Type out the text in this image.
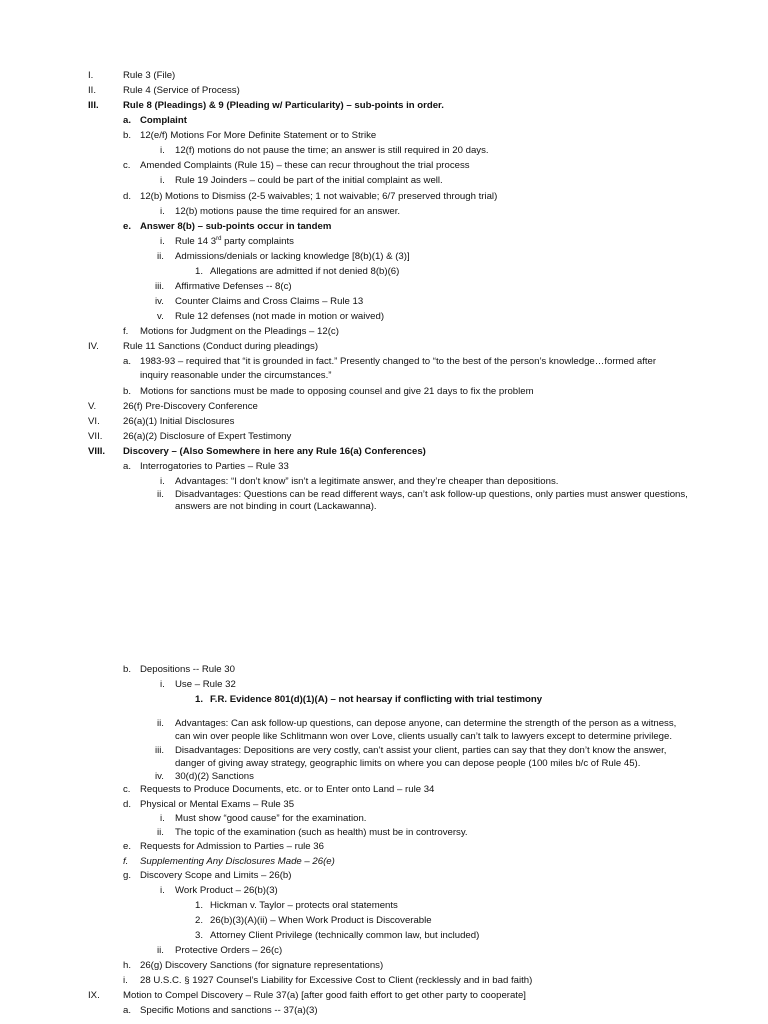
I.	Rule 3 (File)
II.	Rule 4 (Service of Process)
III.	Rule 8 (Pleadings) & 9 (Pleading w/ Particularity) – sub-points in order.
a. Complaint
b. 12(e/f) Motions For More Definite Statement or to Strike
i. 12(f) motions do not pause the time; an answer is still required in 20 days.
c. Amended Complaints (Rule 15) – these can recur throughout the trial process
i. Rule 19 Joinders – could be part of the initial complaint as well.
d. 12(b) Motions to Dismiss (2-5 waivables; 1 not waivable; 6/7 preserved through trial)
i. 12(b) motions pause the time required for an answer.
e. Answer 8(b) – sub-points occur in tandem
i. Rule 14 3rd party complaints
ii. Admissions/denials or lacking knowledge [8(b)(1) & (3)]
1. Allegations are admitted if not denied 8(b)(6)
iii. Affirmative Defenses -- 8(c)
iv. Counter Claims and Cross Claims – Rule 13
v. Rule 12 defenses (not made in motion or waived)
f. Motions for Judgment on the Pleadings – 12(c)
IV.	Rule 11 Sanctions (Conduct during pleadings)
a. 1983-93 – required that “it is grounded in fact.” Presently changed to “to the best of the person’s knowledge…formed after
inquiry reasonable under the circumstances.”
b. Motions for sanctions must be made to opposing counsel and give 21 days to fix the problem
V.	26(f) Pre-Discovery Conference
VI. 26(a)(1) Initial Disclosures
VII. 26(a)(2) Disclosure of Expert Testimony
VIII. Discovery – (Also Somewhere in here any Rule 16(a) Conferences)
a. Interrogatories to Parties – Rule 33
i. Advantages: “I don’t know” isn’t a legitimate answer, and they’re cheaper than depositions.
ii. Disadvantages: Questions can be read different ways, can’t ask follow-up questions, only parties must answer questions,
answers are not binding in court (Lackawanna).
b. Depositions -- Rule 30
i. Use – Rule 32
1. F.R. Evidence 801(d)(1)(A) – not hearsay if conflicting with trial testimony
ii. Advantages: Can ask follow-up questions, can depose anyone, can determine the strength of the person as a witness,
can win over people like Schlitmann won over Love, clients usually can’t talk to lawyers except to determine privilege.
iii. Disadvantages: Depositions are very costly, can’t assist your client, parties can say that they don’t know the answer,
danger of giving away strategy, geographic limits on where you can depose people (100 miles b/c of Rule 45).
iv. 30(d)(2) Sanctions
c. Requests to Produce Documents, etc. or to Enter onto Land – rule 34
d. Physical or Mental Exams – Rule 35
i. Must show “good cause” for the examination.
ii. The topic of the examination (such as health) must be in controversy.
e. Requests for Admission to Parties – rule 36
f. Supplementing Any Disclosures Made – 26(e)
g. Discovery Scope and Limits – 26(b)
i. Work Product – 26(b)(3)
1. Hickman v. Taylor – protects oral statements
2. 26(b)(3)(A)(ii) – When Work Product is Discoverable
3. Attorney Client Privilege (technically common law, but included)
ii. Protective Orders – 26(c)
h. 26(g) Discovery Sanctions (for signature representations)
i. 28 U.S.C. § 1927 Counsel’s Liability for Excessive Cost to Client (recklessly and in bad faith)
IX. Motion to Compel Discovery – Rule 37(a) [after good faith effort to get other party to cooperate]
a. Specific Motions and sanctions -- 37(a)(3)
